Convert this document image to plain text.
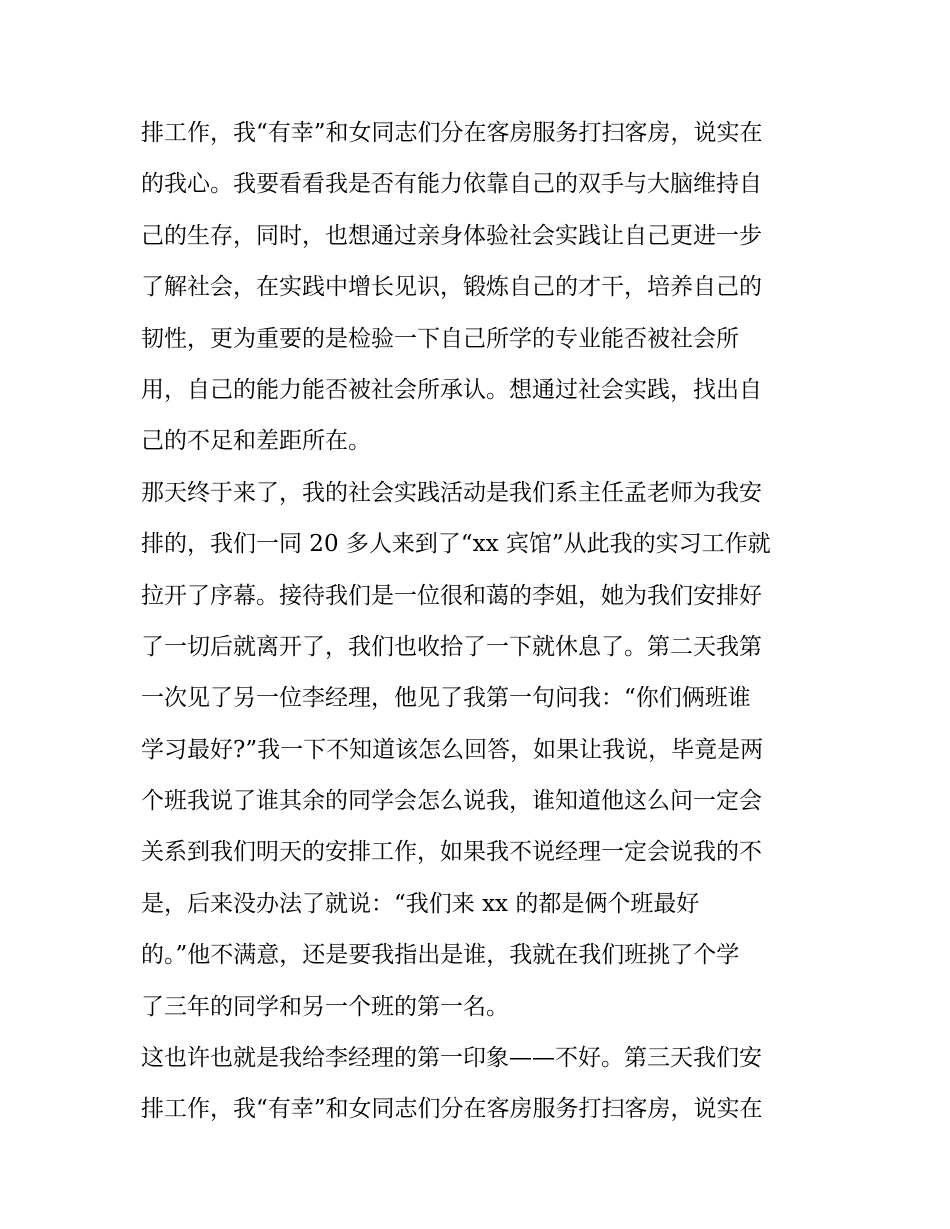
排工作，我“有幸”和女同志们分在客房服务打扫客房，说实在
的我心。我要看看我是否有能力依靠自己的双手与大脑维持自
己的生存，同时，也想通过亲身体验社会实践让自己更进一步
了解社会，在实践中增长见识，锻炼自己的才干，培养自己的
韧性，更为重要的是检验一下自己所学的专业能否被社会所
用，自己的能力能否被社会所承认。想通过社会实践，找出自
己的不足和差距所在。
那天终于来了，我的社会实践活动是我们系主任孟老师为我安
排的，我们一同 20 多人来到了“xx 宾馆”从此我的实习工作就
拉开了序幕。接待我们是一位很和蔼的李姐，她为我们安排好
了一切后就离开了，我们也收拾了一下就休息了。第二天我第
一次见了另一位李经理，他见了我第一句问我：“你们俩班谁
学习最好?”我一下不知道该怎么回答，如果让我说，毕竟是两
个班我说了谁其余的同学会怎么说我，谁知道他这么问一定会
关系到我们明天的安排工作，如果我不说经理一定会说我的不
是，后来没办法了就说：“我们来 xx 的都是俩个班最好
的。”他不满意，还是要我指出是谁，我就在我们班挑了个学
了三年的同学和另一个班的第一名。
这也许也就是我给李经理的第一印象——不好。第三天我们安
排工作，我“有幸”和女同志们分在客房服务打扫客房，说实在
